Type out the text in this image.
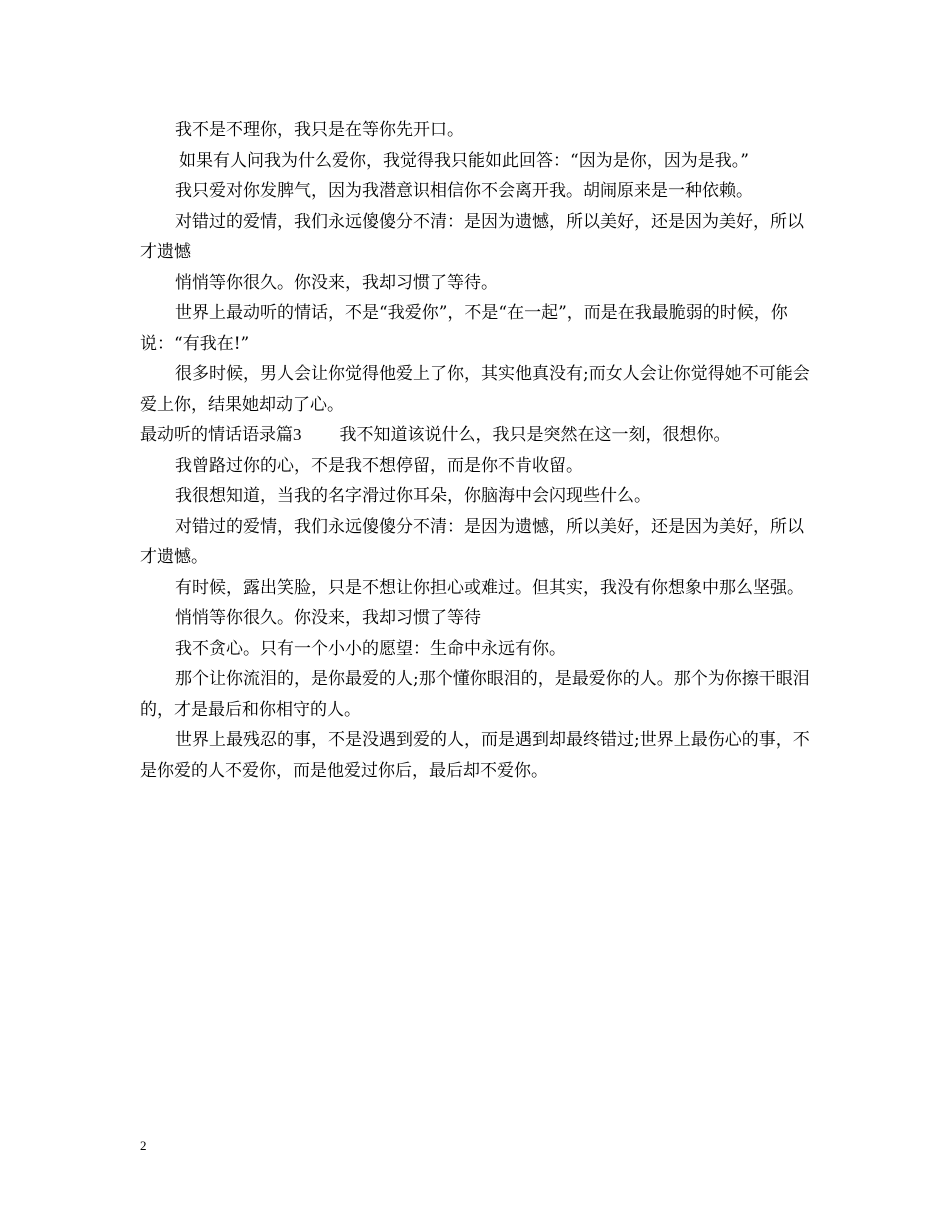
我不是不理你，我只是在等你先开口。

如果有人问我为什么爱你，我觉得我只能如此回答：“因为是你，因为是我。”

我只爱对你发脾气，因为我潜意识相信你不会离开我。胡闹原来是一种依赖。

对错过的爱情，我们永远傻傻分不清：是因为遗憾，所以美好，还是因为美好，所以才遗憾

悄悄等你很久。你没来，我却习惯了等待。

世界上最动听的情话，不是“我爱你”，不是“在一起”，而是在我最脆弱的时候，你说：“有我在!”

很多时候，男人会让你觉得他爱上了你，其实他真没有;而女人会让你觉得她不可能会爱上你，结果她却动了心。

最动听的情话语录篇3 我不知道该说什么，我只是突然在这一刻，很想你。

我曾路过你的心，不是我不想停留，而是你不肯收留。

我很想知道，当我的名字滑过你耳朵，你脑海中会闪现些什么。

对错过的爱情，我们永远傻傻分不清：是因为遗憾，所以美好，还是因为美好，所以才遗憾。

有时候，露出笑脸，只是不想让你担心或难过。但其实，我没有你想象中那么坚强。

悄悄等你很久。你没来，我却习惯了等待

我不贪心。只有一个小小的愿望：生命中永远有你。

那个让你流泪的，是你最爱的人;那个懂你眼泪的，是最爱你的人。那个为你擦干眼泪的，才是最后和你相守的人。

世界上最残忍的事，不是没遇到爱的人，而是遇到却最终错过;世界上最伤心的事，不是你爱的人不爱你，而是他爱过你后，最后却不爱你。

2
